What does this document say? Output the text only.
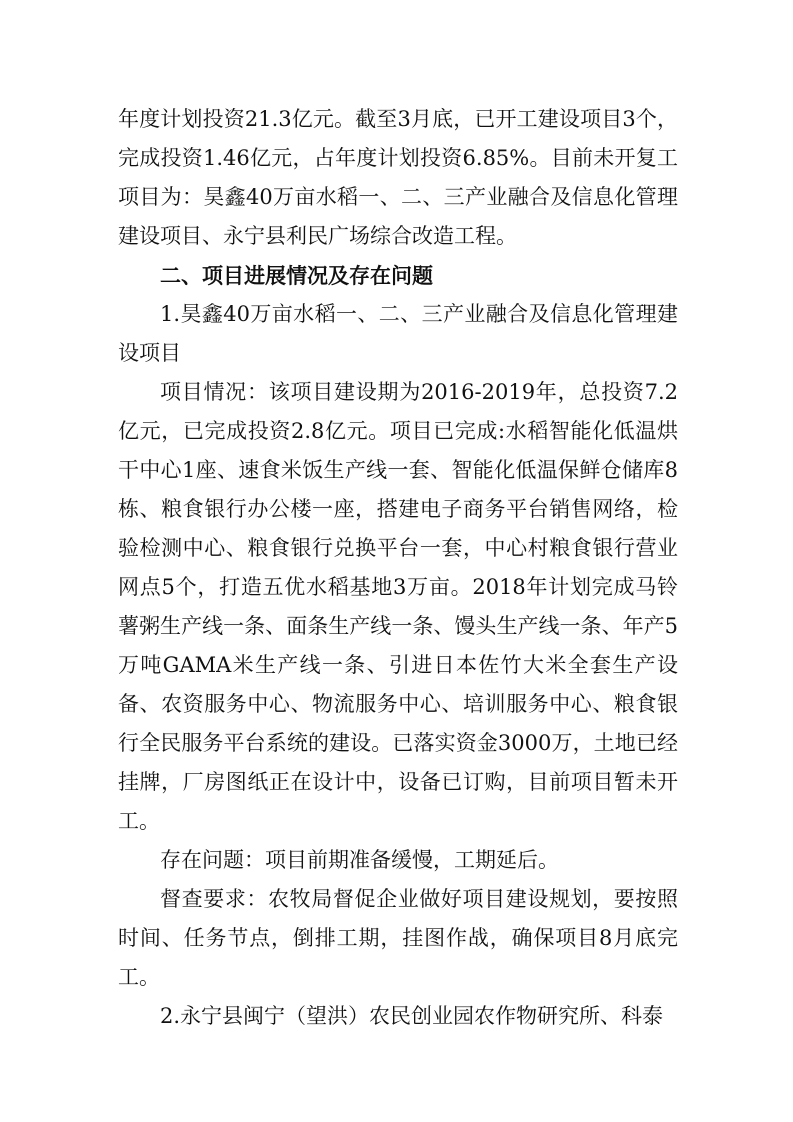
年度计划投资21.3亿元。截至3月底，已开工建设项目3个，完成投资1.46亿元，占年度计划投资6.85%。目前未开复工项目为：昊鑫40万亩水稻一、二、三产业融合及信息化管理建设项目、永宁县利民广场综合改造工程。

二、项目进展情况及存在问题

1.昊鑫40万亩水稻一、二、三产业融合及信息化管理建设项目

项目情况：该项目建设期为2016-2019年，总投资7.2亿元，已完成投资2.8亿元。项目已完成:水稻智能化低温烘干中心1座、速食米饭生产线一套、智能化低温保鲜仓储库8栋、粮食银行办公楼一座，搭建电子商务平台销售网络，检验检测中心、粮食银行兑换平台一套，中心村粮食银行营业网点5个，打造五优水稻基地3万亩。2018年计划完成马铃薯粥生产线一条、面条生产线一条、馒头生产线一条、年产5万吨GAMA米生产线一条、引进日本佐竹大米全套生产设备、农资服务中心、物流服务中心、培训服务中心、粮食银行全民服务平台系统的建设。已落实资金3000万，土地已经挂牌，厂房图纸正在设计中，设备已订购，目前项目暂未开工。

存在问题：项目前期准备缓慢，工期延后。

督查要求：农牧局督促企业做好项目建设规划，要按照时间、任务节点，倒排工期，挂图作战，确保项目8月底完工。

2.永宁县闽宁（望洪）农民创业园农作物研究所、科泰
